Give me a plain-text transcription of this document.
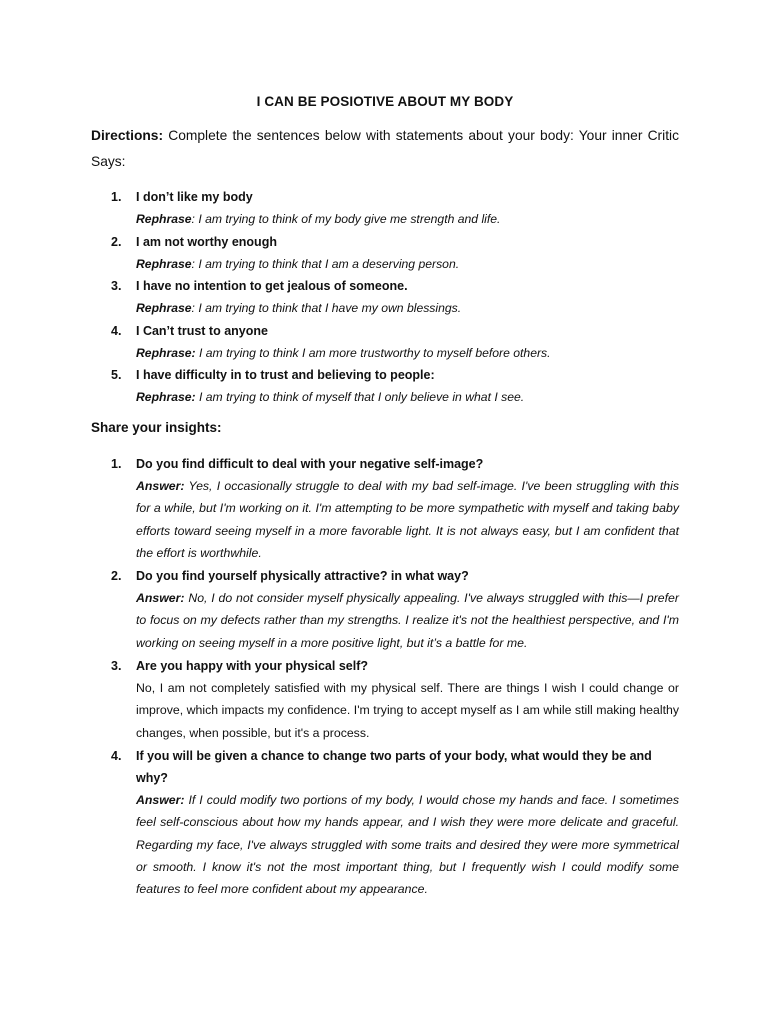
I CAN BE POSIOTIVE ABOUT MY BODY
Directions: Complete the sentences below with statements about your body: Your inner Critic Says:
1. I don’t like my body
Rephrase: I am trying to think of my body give me strength and life.
2. I am not worthy enough
Rephrase: I am trying to think that I am a deserving person.
3. I have no intention to get jealous of someone.
Rephrase: I am trying to think that I have my own blessings.
4. I Can’t trust to anyone
Rephrase: I am trying to think I am more trustworthy to myself before others.
5. I have difficulty in to trust and believing to people:
Rephrase: I am trying to think of myself that I only believe in what I see.
Share your insights:
1. Do you find difficult to deal with your negative self-image?
Answer: Yes, I occasionally struggle to deal with my bad self-image. I've been struggling with this for a while, but I'm working on it. I'm attempting to be more sympathetic with myself and taking baby efforts toward seeing myself in a more favorable light. It is not always easy, but I am confident that the effort is worthwhile.
2. Do you find yourself physically attractive? in what way?
Answer: No, I do not consider myself physically appealing. I've always struggled with this—I prefer to focus on my defects rather than my strengths. I realize it's not the healthiest perspective, and I'm working on seeing myself in a more positive light, but it’s a battle for me.
3. Are you happy with your physical self?
No, I am not completely satisfied with my physical self. There are things I wish I could change or improve, which impacts my confidence. I'm trying to accept myself as I am while still making healthy changes, when possible, but it's a process.
4. If you will be given a chance to change two parts of your body, what would they be and why?
Answer: If I could modify two portions of my body, I would chose my hands and face. I sometimes feel self-conscious about how my hands appear, and I wish they were more delicate and graceful. Regarding my face, I've always struggled with some traits and desired they were more symmetrical or smooth. I know it's not the most important thing, but I frequently wish I could modify some features to feel more confident about my appearance.
